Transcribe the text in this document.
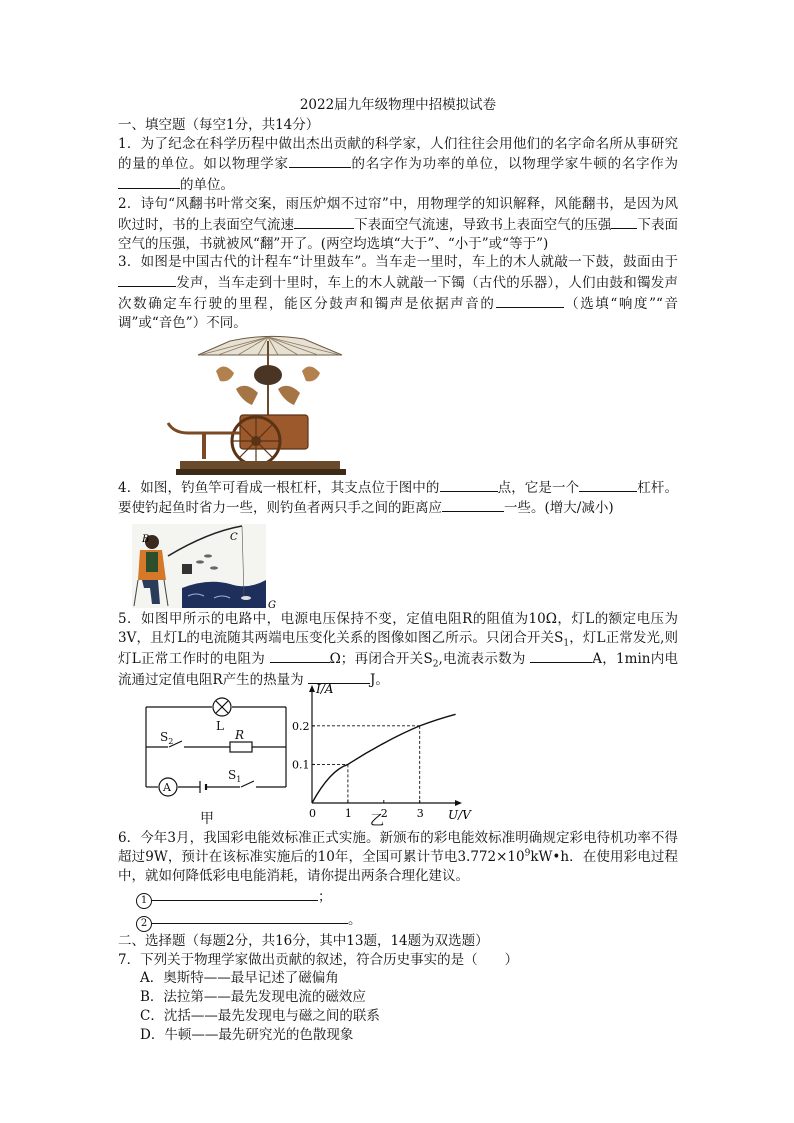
2022届九年级物理中招模拟试卷
一、填空题（每空1分，共14分）

1．为了纪念在科学历程中做出杰出贡献的科学家，人们往往会用他们的名字命名所从事研究的量的单位。如以物理学家	的名字作为功率的单位，以物理学家牛顿的名字作为的单位。

2．诗句“风翻书叶常交案，雨压炉烟不过帘”中，用物理学的知识解释，风能翻书，是因为风吹过时，书的上表面空气流速	下表面空气流速，导致书上表面空气的压强 下表面空气的压强，书就被风“翻”开了。(两空均选填“大于”、“小于”或“等于”)

3．如图是中国古代的计程车“计里鼓车”。当车走一里时，车上的木人就敲一下鼓，鼓面由于发声，当车走到十里时，车上的木人就敲一下镯（古代的乐器），人们由鼓和镯发声次数确定车行驶的里程，能区分鼓声和镯声是依据声音的	（选填“响度”“音调”或“音色”）不同。

4．如图，钓鱼竿可看成一根杠杆，其支点位于图中的	点，它是一个	杠杆。要使钓起鱼时省力一些，则钓鱼者两只手之间的距离应	一些。(增大/减小)

B	C
G

5．如图甲所示的电路中，电源电压保持不变，定值电阻R的阻值为10Ω，灯L的额定电压为3V，且灯L的电流随其两端电压变化关系的图像如图乙所示。只闭合开关$S_1$，灯L正常发光,则灯L正常工作时的电阻为	Ω；再闭合开关$S_2$,电流表示数为	A，1min内电流通过定值电阻R产生的热量为	J。

L
R
$S_2$
$S_1$
A
甲
I/A
U/V
0	1	2	3
0.1
0.2
乙

6．今年3月，我国彩电能效标准正式实施。新颁布的彩电能效标准明确规定彩电待机功率不得超过9W，预计在该标准实施后的10年，全国可累计节电$3.772\times 10^9kW•h$．在使用彩电过程中，就如何降低彩电电能消耗，请你提出两条合理化建议。

1	；
2	。
二、选择题（每题2分，共16分，其中13题，14题为双选题）

7．下列关于物理学家做出贡献的叙述，符合历史事实的是（　　）

A．奥斯特——最早记述了磁偏角
B．法拉第——最先发现电流的磁效应
C．沈括——最先发现电与磁之间的联系
D．牛顿——最先研究光的色散现象
